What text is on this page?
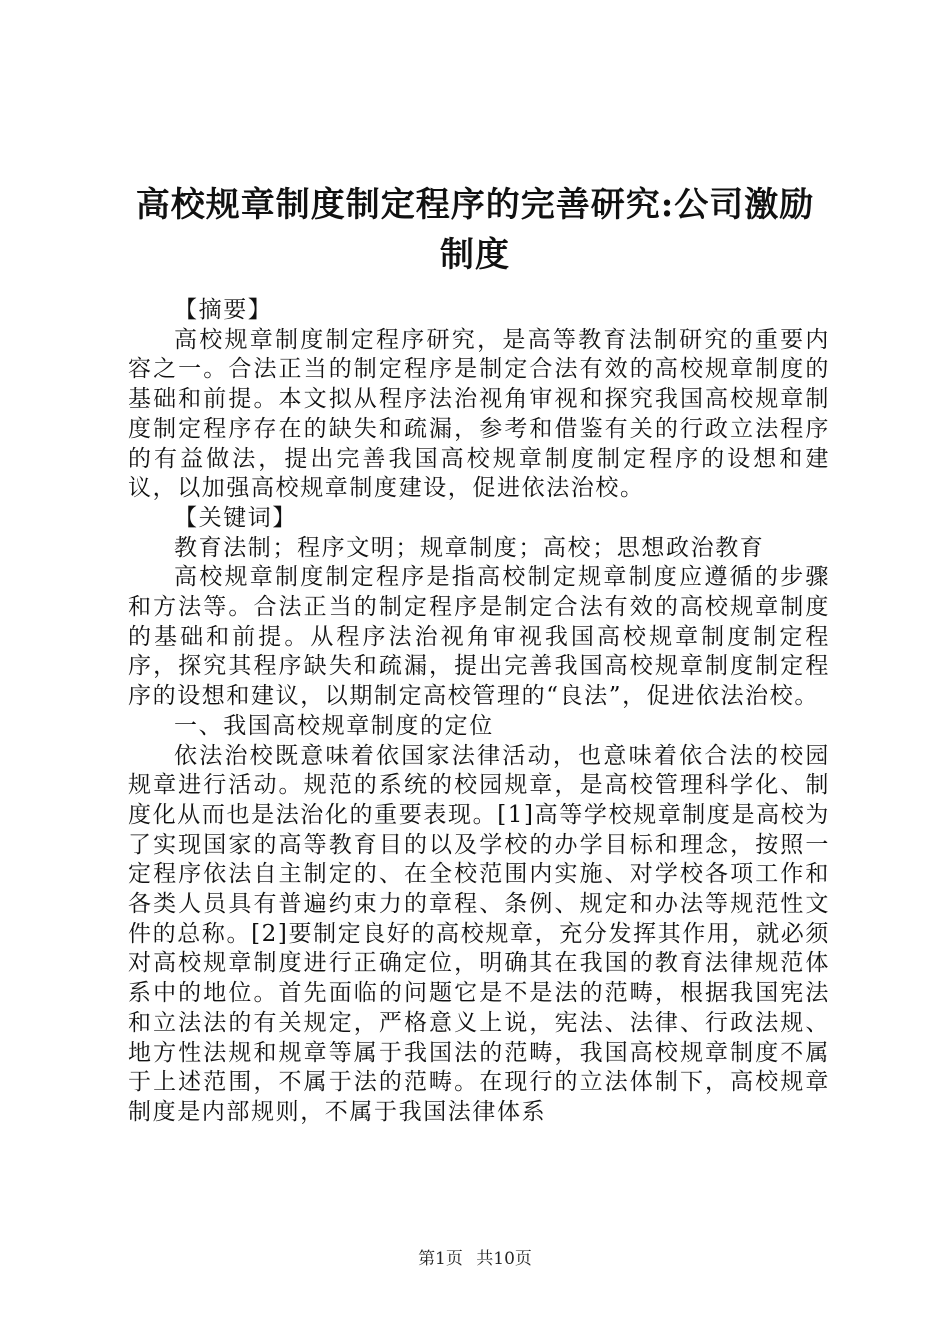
高校规章制度制定程序的完善研究:公司激励
制度

【摘要】

高校规章制度制定程序研究，是高等教育法制研究的重要内容之一。合法正当的制定程序是制定合法有效的高校规章制度的基础和前提。本文拟从程序法治视角审视和探究我国高校规章制度制定程序存在的缺失和疏漏，参考和借鉴有关的行政立法程序的有益做法，提出完善我国高校规章制度制定程序的设想和建议，以加强高校规章制度建设，促进依法治校。

【关键词】

教育法制；程序文明；规章制度；高校；思想政治教育

高校规章制度制定程序是指高校制定规章制度应遵循的步骤和方法等。合法正当的制定程序是制定合法有效的高校规章制度的基础和前提。从程序法治视角审视我国高校规章制度制定程序，探究其程序缺失和疏漏，提出完善我国高校规章制度制定程序的设想和建议，以期制定高校管理的“良法”，促进依法治校。

一、我国高校规章制度的定位

依法治校既意味着依国家法律活动，也意味着依合法的校园规章进行活动。规范的系统的校园规章，是高校管理科学化、制度化从而也是法治化的重要表现。[1]高等学校规章制度是高校为了实现国家的高等教育目的以及学校的办学目标和理念，按照一定程序依法自主制定的、在全校范围内实施、对学校各项工作和各类人员具有普遍约束力的章程、条例、规定和办法等规范性文件的总称。[2]要制定良好的高校规章，充分发挥其作用，就必须对高校规章制度进行正确定位，明确其在我国的教育法律规范体系中的地位。首先面临的问题它是不是法的范畴，根据我国宪法和立法法的有关规定，严格意义上说，宪法、法律、行政法规、地方性法规和规章等属于我国法的范畴，我国高校规章制度不属于上述范围，不属于法的范畴。在现行的立法体制下，高校规章制度是内部规则，不属于我国法律体系

第1页 共10页
